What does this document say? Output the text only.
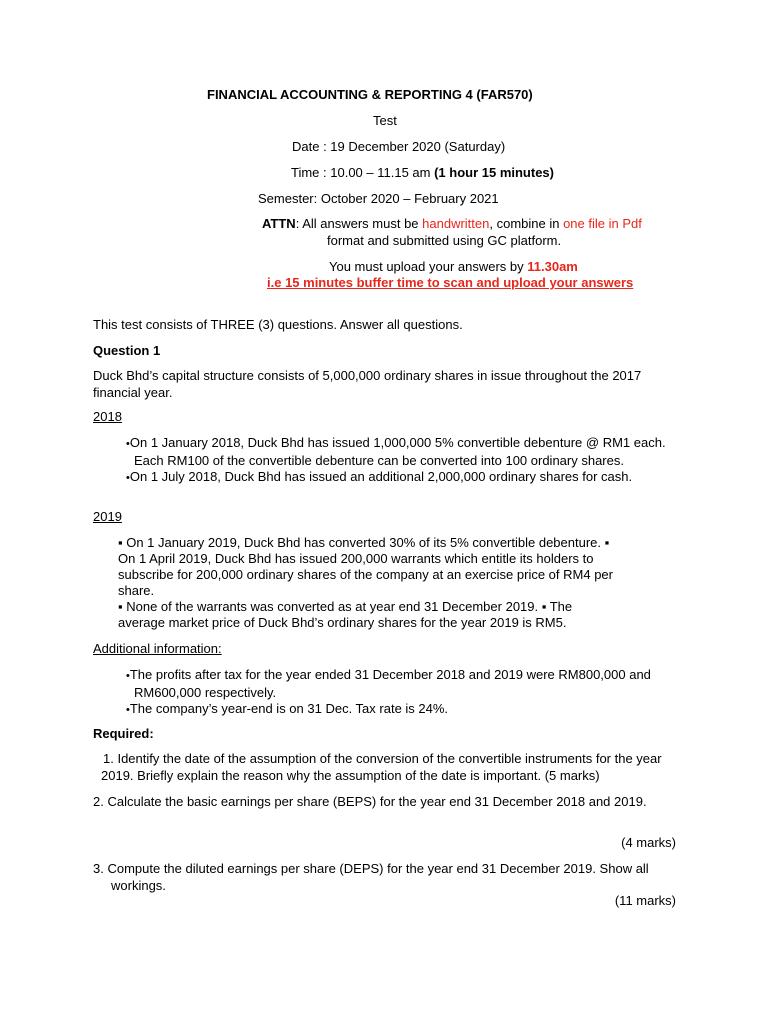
FINANCIAL ACCOUNTING & REPORTING 4 (FAR570)
Test
Date : 19 December 2020 (Saturday)
Time : 10.00 – 11.15 am (1 hour 15 minutes)
Semester: October 2020 – February 2021
ATTN: All answers must be handwritten, combine in one file in Pdf
format and submitted using GC platform.
You must upload your answers by 11.30am
i.e 15 minutes buffer time to scan and upload your answers
This test consists of THREE (3) questions. Answer all questions.
Question 1
Duck Bhd’s capital structure consists of 5,000,000 ordinary shares in issue throughout the 2017 financial year.
2018
• On 1 January 2018, Duck Bhd has issued 1,000,000 5% convertible debenture @ RM1 each. Each RM100 of the convertible debenture can be converted into 100 ordinary shares.
• On 1 July 2018, Duck Bhd has issued an additional 2,000,000 ordinary shares for cash.
2019
▪ On 1 January 2019, Duck Bhd has converted 30% of its 5% convertible debenture. ▪
On 1 April 2019, Duck Bhd has issued 200,000 warrants which entitle its holders to
subscribe for 200,000 ordinary shares of the company at an exercise price of RM4 per
share.
▪ None of the warrants was converted as at year end 31 December 2019. ▪ The
average market price of Duck Bhd’s ordinary shares for the year 2019 is RM5.
Additional information:
• The profits after tax for the year ended 31 December 2018 and 2019 were RM800,000 and RM600,000 respectively.
• The company’s year-end is on 31 Dec. Tax rate is 24%.
Required:
1. Identify the date of the assumption of the conversion of the convertible instruments for the year 2019. Briefly explain the reason why the assumption of the date is important. (5 marks)
2. Calculate the basic earnings per share (BEPS) for the year end 31 December 2018 and 2019.
(4 marks)
3. Compute the diluted earnings per share (DEPS) for the year end 31 December 2019. Show all workings.
(11 marks)
